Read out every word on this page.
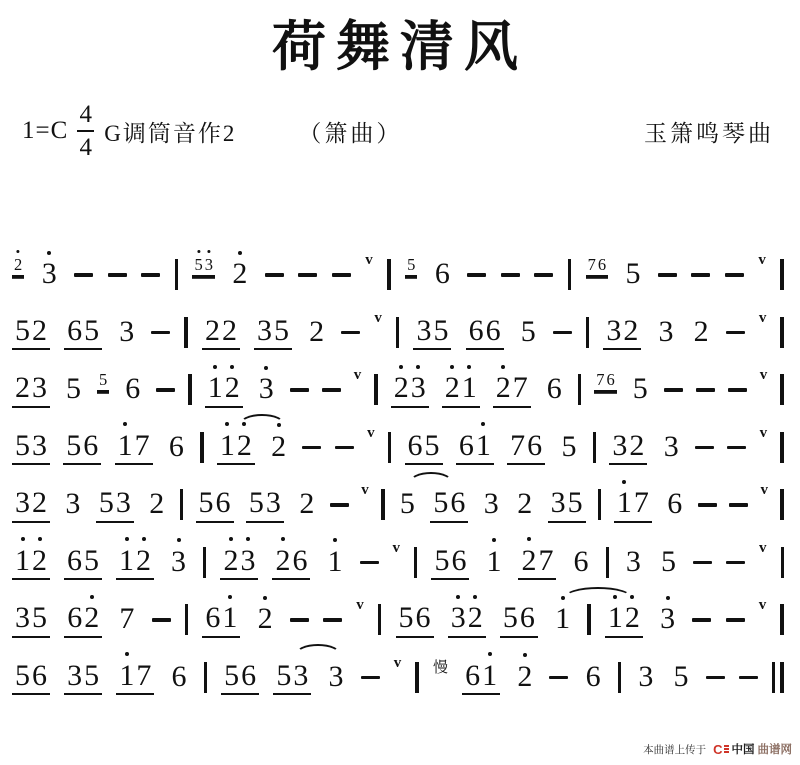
荷舞清风
1=C
4
4
G调筒音作2	（箫曲）	玉箫鸣琴曲
2 3	5 3 2	v 5 6	7 6 5	v
5 2 6 5 3 2 2 3 5 2	v 3 5 6 6 5 3 2 3 2	v
2 3 5 5 6 1 2 3	v 2 3 2 1 2 7 6 7 6 5	v
5 3 5 6 1 7 6 1 2 2	v 6 5 6 1 7 6 5 3 2 3	v
3 2 3 5 3 2 5 6 5 3 2	v 5 5 6 3 2 3 5 1 7 6	v
1 2 6 5 1 2 3 2 3 2 6 1	v 5 6 1 2 7 6 3 5	v
3 5 6 2 7 6 1 2	v 5 6 3 2 5 6 1 1 2 3	v
5 6 3 5 1 7 6 5 6 5 3 3	v 慢 6 1 2 6 3 5
本曲谱上传于 C 中国 曲谱网
